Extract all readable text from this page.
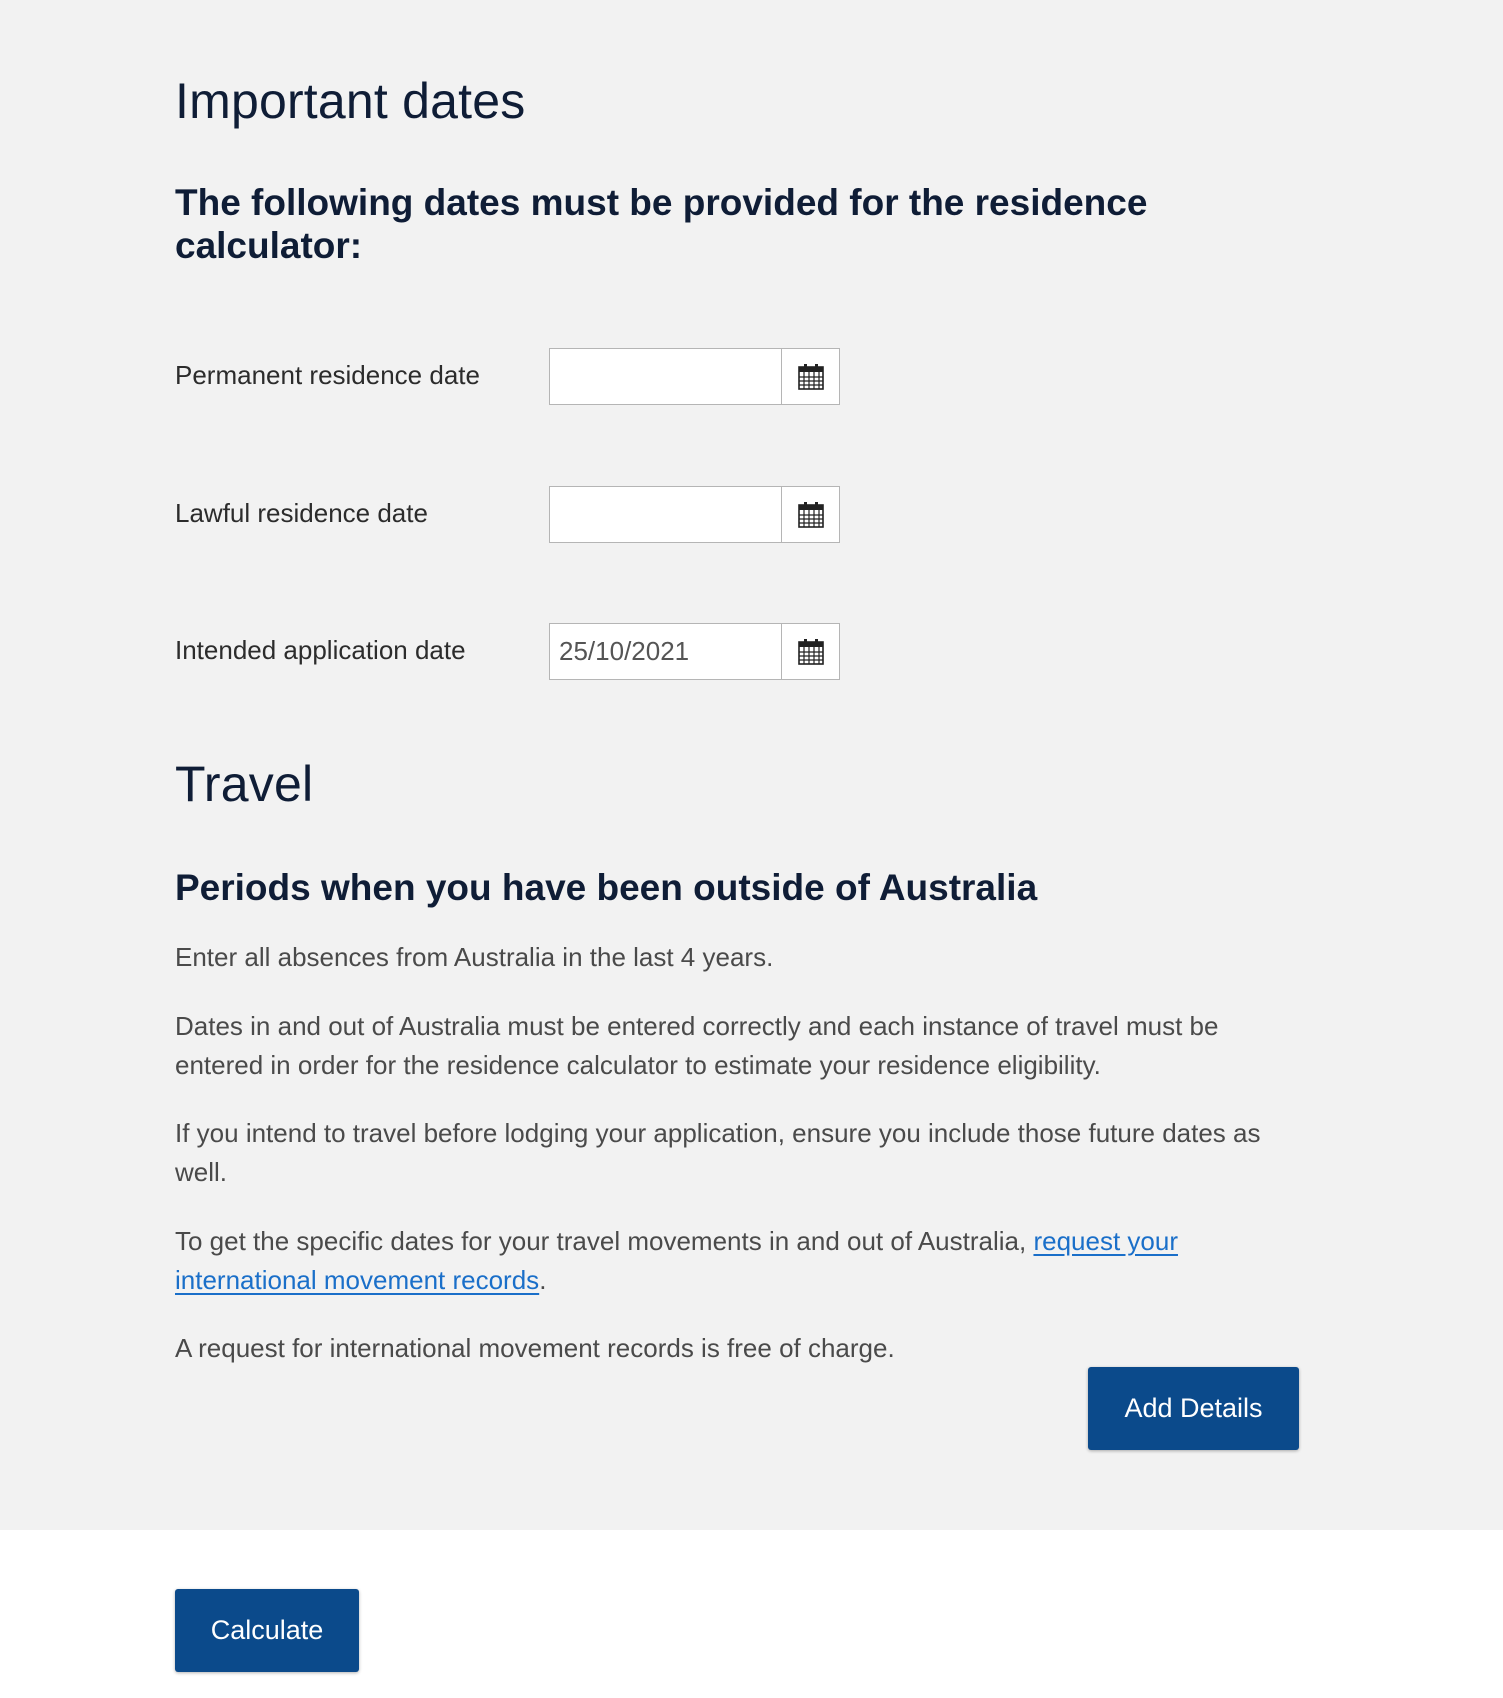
Important dates
The following dates must be provided for the residence calculator:
Permanent residence date
Lawful residence date
Intended application date
25/10/2021
Travel
Periods when you have been outside of Australia

Enter all absences from Australia in the last 4 years.

Dates in and out of Australia must be entered correctly and each instance of travel must be entered in order for the residence calculator to estimate your residence eligibility.

If you intend to travel before lodging your application, ensure you include those future dates as well.

To get the specific dates for your travel movements in and out of Australia, request your international movement records.

A request for international movement records is free of charge.

Add Details
Calculate
